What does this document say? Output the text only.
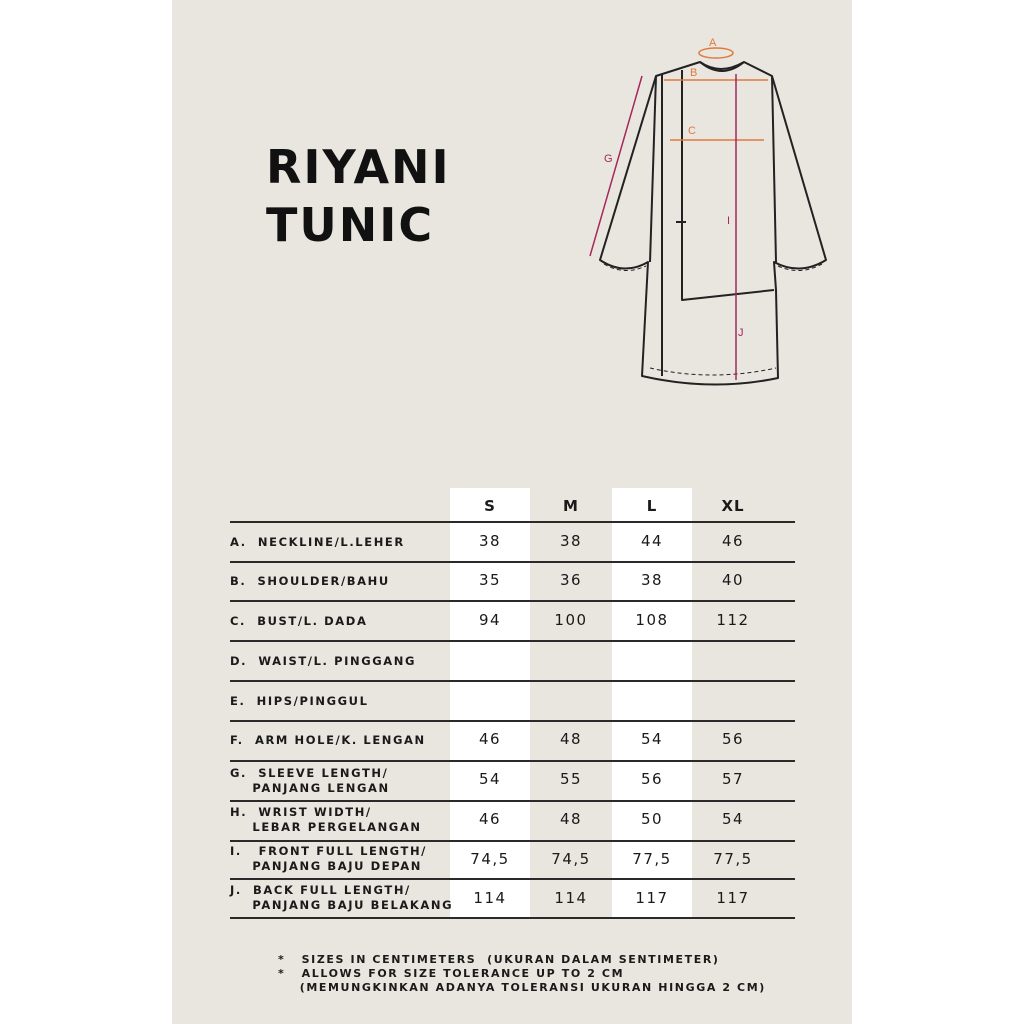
RIYANI
TUNIC
A
B
C
G
I
J
S	M	L	XL
A.  NECKLINE/L.LEHER	38	38	44	46
B.  SHOULDER/BAHU	35	36	38	40
C.  BUST/L. DADA	94	100	108	112
D.  WAIST/L. PINGGANG
E.  HIPS/PINGGUL
F.  ARM HOLE/K. LENGAN	46	48	54	56
G.  SLEEVE LENGTH/
PANJANG LENGAN	54	55	56	57
H.  WRIST WIDTH/
LEBAR PERGELANGAN	46	48	50	54
I.   FRONT FULL LENGTH/
PANJANG BAJU DEPAN	74,5	74,5	77,5	77,5
J.  BACK FULL LENGTH/
PANJANG BAJU BELAKANG	114	114	117	117
*   SIZES IN CENTIMETERS  (UKURAN DALAM SENTIMETER)
*   ALLOWS FOR SIZE TOLERANCE UP TO 2 CM
(MEMUNGKINKAN ADANYA TOLERANSI UKURAN HINGGA 2 CM)
